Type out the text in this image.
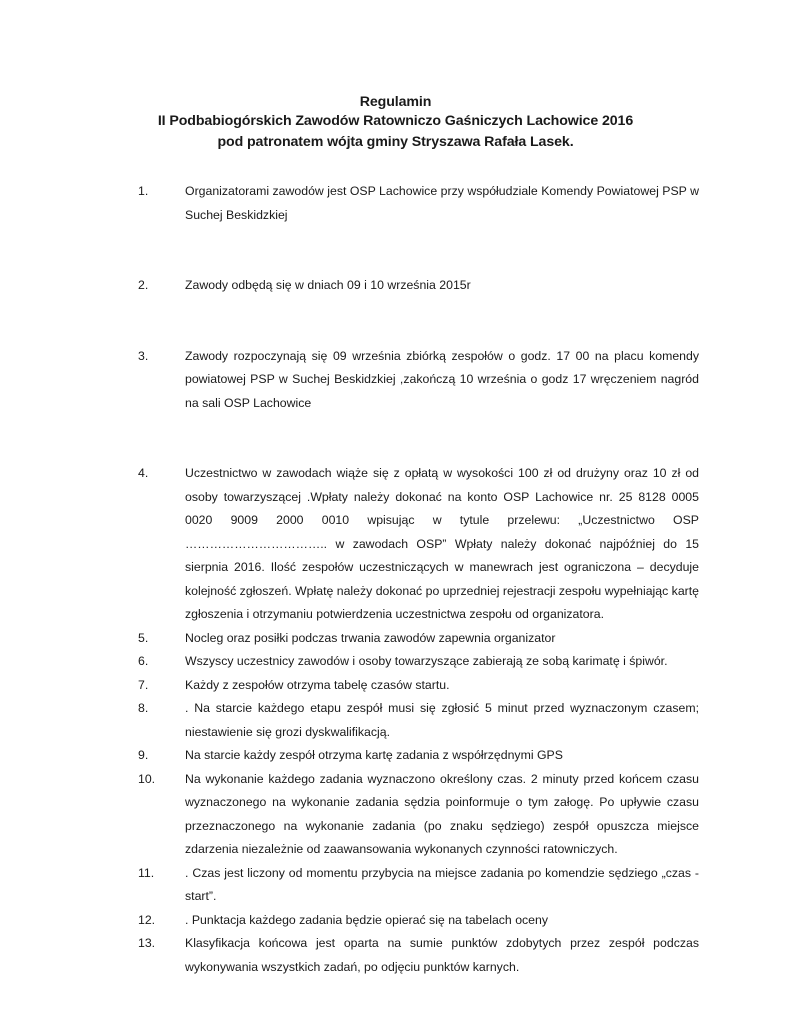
Regulamin
II Podbabiogórskich Zawodów Ratowniczo Gaśniczych Lachowice 2016
pod patronatem wójta gminy Stryszawa Rafała Lasek.
1.	Organizatorami zawodów jest OSP Lachowice przy współudziale Komendy Powiatowej PSP w Suchej Beskidzkiej
2.	Zawody odbędą się w dniach 09 i 10 września 2015r
3.	Zawody rozpoczynają się 09 września zbiórką zespołów o godz. 17 00 na placu komendy powiatowej PSP w Suchej Beskidzkiej ,zakończą 10 września o godz 17 wręczeniem nagród na sali OSP Lachowice
4.	Uczestnictwo w zawodach wiąże się z opłatą w wysokości 100 zł od drużyny oraz 10 zł od osoby towarzyszącej .Wpłaty należy dokonać na konto OSP Lachowice nr. 25 8128 0005 0020 9009 2000 0010 wpisując w tytule przelewu: „Uczestnictwo OSP …………………………….. w zawodach OSP” Wpłaty należy dokonać najpóźniej do 15 sierpnia 2016. Ilość zespołów uczestniczących w manewrach jest ograniczona – decyduje kolejność zgłoszeń. Wpłatę należy dokonać po uprzedniej rejestracji zespołu wypełniając kartę zgłoszenia i otrzymaniu potwierdzenia uczestnictwa zespołu od organizatora.
5.	Nocleg oraz posiłki podczas trwania zawodów zapewnia organizator
6.	Wszyscy uczestnicy zawodów i osoby towarzyszące zabierają ze sobą karimatę i śpiwór.
7.	Każdy z zespołów otrzyma tabelę czasów startu.
8.	. Na starcie każdego etapu zespół musi się zgłosić 5 minut przed wyznaczonym czasem; niestawienie się grozi dyskwalifikacją.
9.	Na starcie każdy zespół otrzyma kartę zadania z współrzędnymi GPS
10. Na wykonanie każdego zadania wyznaczono określony czas. 2 minuty przed końcem czasu wyznaczonego na wykonanie zadania sędzia poinformuje o tym załogę. Po upływie czasu przeznaczonego na wykonanie zadania (po znaku sędziego) zespół opuszcza miejsce zdarzenia niezależnie od zaawansowania wykonanych czynności ratowniczych.
11.	. Czas jest liczony od momentu przybycia na miejsce zadania po komendzie sędziego „czas -start”.
12. . Punktacja każdego zadania będzie opierać się na tabelach oceny
13. Klasyfikacja końcowa jest oparta na sumie punktów zdobytych przez zespół podczas wykonywania wszystkich zadań, po odjęciu punktów karnych.
